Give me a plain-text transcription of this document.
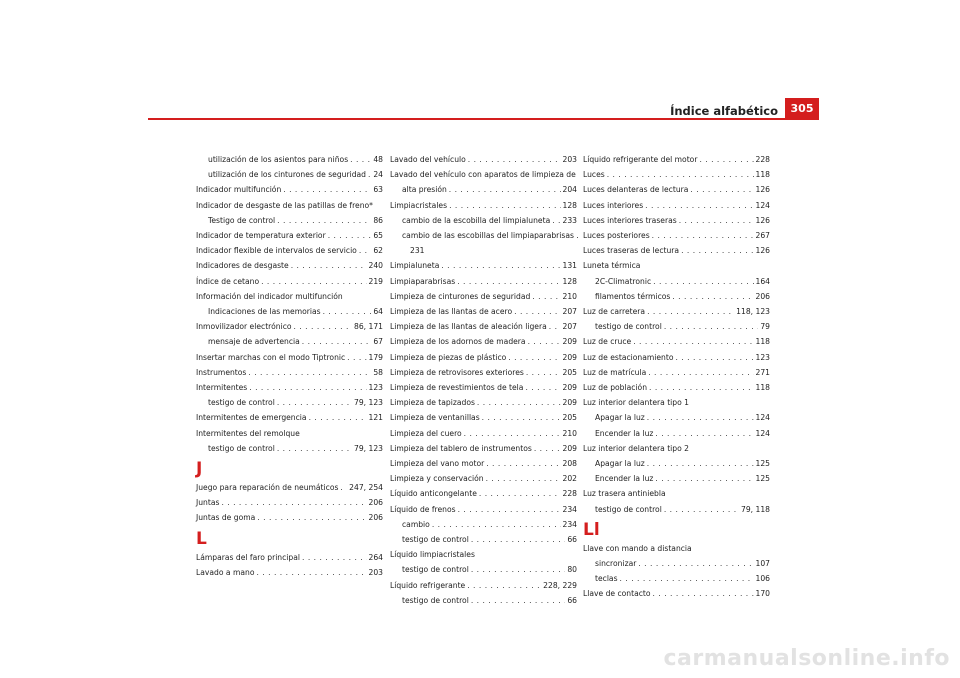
Índice alfabético	305
utilización de los asientos para niños . . .	48
utilización de los cinturones de seguridad . . . 24
Indicador multifunción . . .	63
Indicador de desgaste de las patillas de freno*
Testigo de control . . .	86
Indicador de temperatura exterior . . .	65
Indicador flexible de intervalos de servicio . . . 62
Indicadores de desgaste . . .	240
Índice de cetano . . .	219
Información del indicador multifunción
Indicaciones de las memorias . . .	64
Inmovilizador electrónico . . .	86, 171
mensaje de advertencia . . .	67
Insertar marchas con el modo Tiptronic . . .	179
Instrumentos . . .	58
Intermitentes . . .	123
testigo de control . . .	79, 123
Intermitentes de emergencia . . .	121
Intermitentes del remolque
testigo de control . . .	79, 123
J
Juego para reparación de neumáticos . . . 247, 254
Juntas . . .	206
Juntas de goma . . .	206
L
Lámparas del faro principal . . .	264
Lavado a mano . . .	203
Lavado del vehículo . . .	203
Lavado del vehículo con aparatos de limpieza de
alta presión . . .	204
Limpiacristales . . .	128
cambio de la escobilla del limpialuneta . . . 233
cambio de las escobillas del limpiaparabrisas .
231
Limpialuneta . . .	131
Limpiaparabrisas . . .	128
Limpieza de cinturones de seguridad . . .	210
Limpieza de las llantas de acero . . .	207
Limpieza de las llantas de aleación ligera . . . 207
Limpieza de los adornos de madera . . .	209
Limpieza de piezas de plástico . . .	209
Limpieza de retrovisores exteriores . . .	205
Limpieza de revestimientos de tela . . .	209
Limpieza de tapizados . . .	209
Limpieza de ventanillas . . .	205
Limpieza del cuero . . .	210
Limpieza del tablero de instrumentos . . .	209
Limpieza del vano motor . . .	208
Limpieza y conservación . . .	202
Líquido anticongelante . . .	228
Líquido de frenos . . .	234
cambio . . .	234
testigo de control . . .	66
Líquido limpiacristales
testigo de control . . .	80
Líquido refrigerante . . .	228, 229
testigo de control . . .	66
Líquido refrigerante del motor . . .	228
Luces . . .	118
Luces delanteras de lectura . . .	126
Luces interiores . . .	124
Luces interiores traseras . . .	126
Luces posteriores . . .	267
Luces traseras de lectura . . .	126
Luneta térmica
2C-Climatronic . . .	164
filamentos térmicos . . .	206
Luz de carretera . . .	118, 123
testigo de control . . .	79
Luz de cruce . . .	118
Luz de estacionamiento . . .	123
Luz de matrícula . . .	271
Luz de población . . .	118
Luz interior delantera tipo 1
Apagar la luz . . .	124
Encender la luz . . .	124
Luz interior delantera tipo 2
Apagar la luz . . .	125
Encender la luz . . .	125
Luz trasera antiniebla
testigo de control . . .	79, 118
Ll
Llave con mando a distancia
sincronizar . . .	107
teclas . . .	106
Llave de contacto . . .	170
carmanualsonline.info
